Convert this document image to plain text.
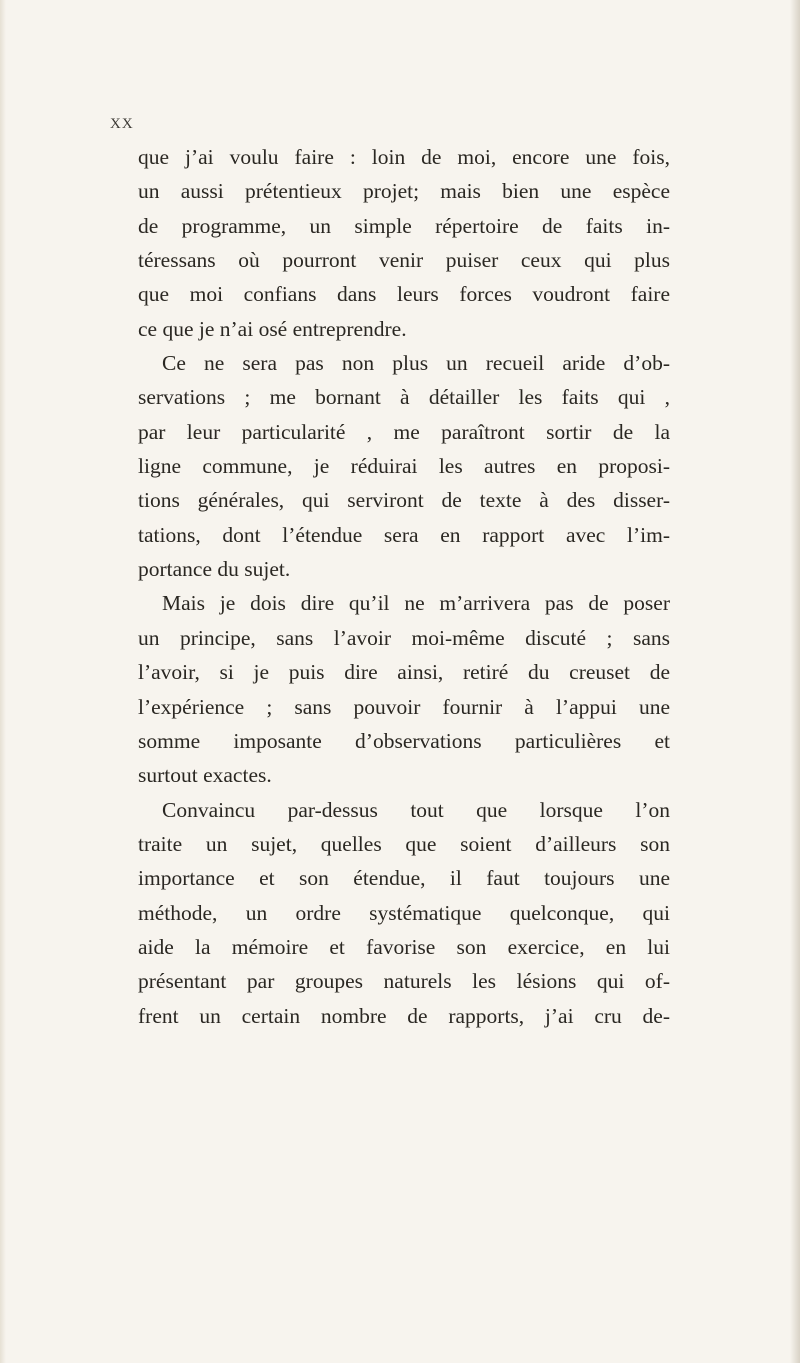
XX
que j’ai voulu faire : loin de moi, encore une fois,
un aussi prétentieux projet; mais bien une espèce
de programme, un simple répertoire de faits in-
téressans où pourront venir puiser ceux qui plus
que moi confians dans leurs forces voudront faire
ce que je n’ai osé entreprendre.
Ce ne sera pas non plus un recueil aride d’ob-
servations ; me bornant à détailler les faits qui ,
par leur particularité , me paraîtront sortir de la
ligne commune, je réduirai les autres en proposi-
tions générales, qui serviront de texte à des disser-
tations, dont l’étendue sera en rapport avec l’im-
portance du sujet.
Mais je dois dire qu’il ne m’arrivera pas de poser
un principe, sans l’avoir moi-même discuté ; sans
l’avoir, si je puis dire ainsi, retiré du creuset de
l’expérience ; sans pouvoir fournir à l’appui une
somme imposante d’observations particulières et
surtout exactes.
Convaincu par-dessus tout que lorsque l’on
traite un sujet, quelles que soient d’ailleurs son
importance et son étendue, il faut toujours une
méthode, un ordre systématique quelconque, qui
aide la mémoire et favorise son exercice, en lui
présentant par groupes naturels les lésions qui of-
frent un certain nombre de rapports, j’ai cru de-
